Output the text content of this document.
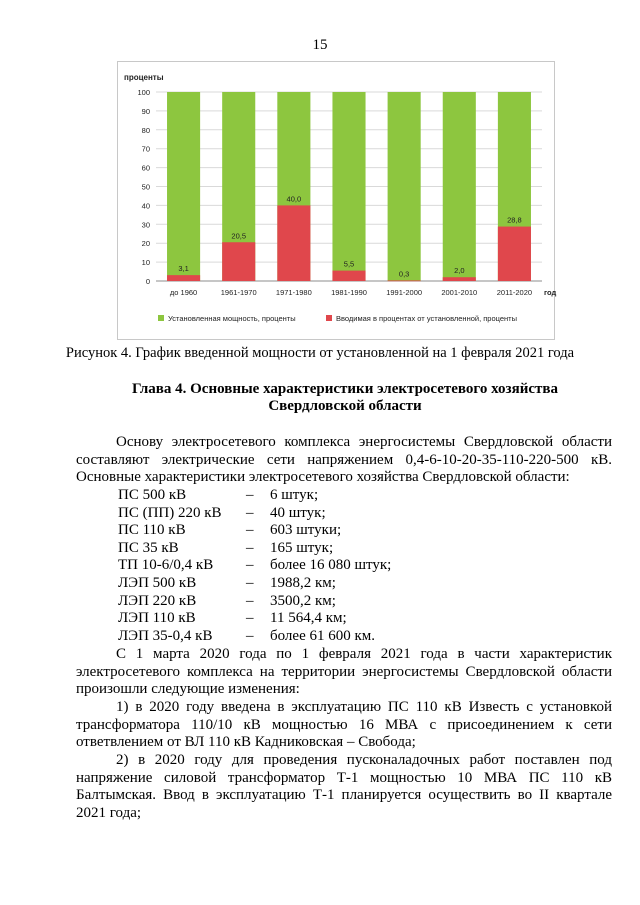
15
проценты
0
10
20
30
40
50
60
70
80
90
100
3,1
до 1960
20,5
1961-1970
40,0
1971-1980
5,5
1981-1990
0,3
1991-2000
2,0
2001-2010
28,8
2011-2020 год
Установленная мощность, проценты	Вводимая в процентах от установленной, проценты
Рисунок 4. График введенной мощности от установленной на 1 февраля 2021 года
Глава 4. Основные характеристики электросетевого хозяйства
Свердловской области

Основу электросетевого комплекса энергосистемы Свердловской области составляют электрические сети напряжением 0,4-6-10-20-35-110-220-500 кВ. Основные характеристики электросетевого хозяйства Свердловской области:

ПС 500 кВ	–	6 штук;
ПС (ПП) 220 кВ	–	40 штук;
ПС 110 кВ	–	603 штуки;
ПС 35 кВ	–	165 штук;
ТП 10-6/0,4 кВ	–	более 16 080 штук;
ЛЭП 500 кВ	–	1988,2 км;
ЛЭП 220 кВ	–	3500,2 км;
ЛЭП 110 кВ	–	11 564,4 км;
ЛЭП 35-0,4 кВ	–	более 61 600 км.

С 1 марта 2020 года по 1 февраля 2021 года в части характеристик электросетевого комплекса на территории энергосистемы Свердловской области произошли следующие изменения:

1) в 2020 году введена в эксплуатацию ПС 110 кВ Известь с установкой трансформатора 110/10 кВ мощностью 16 МВА с присоединением к сети ответвлением от ВЛ 110 кВ Кадниковская – Свобода;

2) в 2020 году для проведения пусконаладочных работ поставлен под напряжение силовой трансформатор Т-1 мощностью 10 МВА ПС 110 кВ Балтымская. Ввод в эксплуатацию Т-1 планируется осуществить во II квартале 2021 года;
